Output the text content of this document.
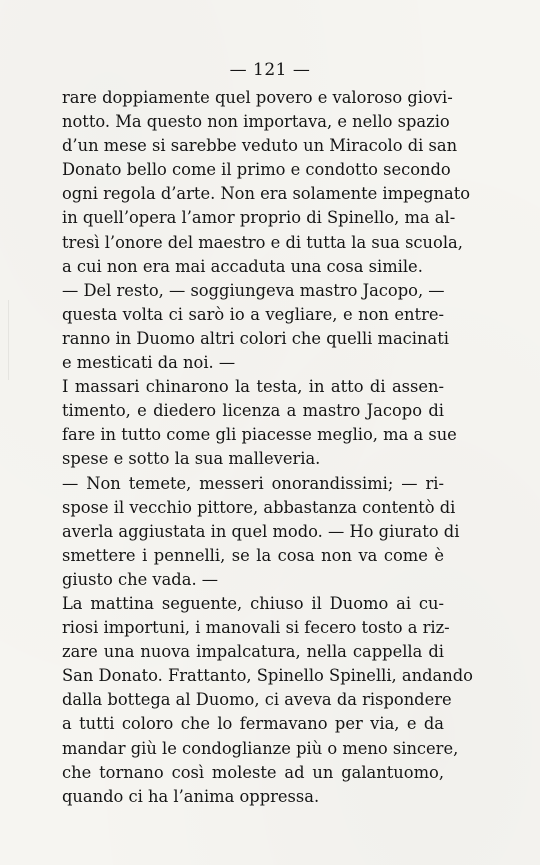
— 121 —
rare doppiamente quel povero e valoroso giovi-
notto. Ma questo non importava, e nello spazio
d’un mese si sarebbe veduto un Miracolo di san
Donato bello come il primo e condotto secondo
ogni regola d’arte. Non era solamente impegnato
in quell’opera l’amor proprio di Spinello, ma al-
tresì l’onore del maestro e di tutta la sua scuola,
a cui non era mai accaduta una cosa simile.
— Del resto, — soggiungeva mastro Jacopo, —
questa volta ci sarò io a vegliare, e non entre-
ranno in Duomo altri colori che quelli macinati
e mesticati da noi. —
I massari chinarono la testa, in atto di assen-
timento, e diedero licenza a mastro Jacopo di
fare in tutto come gli piacesse meglio, ma a sue
spese e sotto la sua malleveria.
— Non temete, messeri onorandissimi; — ri-
spose il vecchio pittore, abbastanza contentò di
averla aggiustata in quel modo. — Ho giurato di
smettere i pennelli, se la cosa non va come è
giusto che vada. —
La mattina seguente, chiuso il Duomo ai cu-
riosi importuni, i manovali si fecero tosto a riz-
zare una nuova impalcatura, nella cappella di
San Donato. Frattanto, Spinello Spinelli, andando
dalla bottega al Duomo, ci aveva da rispondere
a tutti coloro che lo fermavano per via, e da
mandar giù le condoglianze più o meno sincere,
che tornano così moleste ad un galantuomo,
quando ci ha l’anima oppressa.
